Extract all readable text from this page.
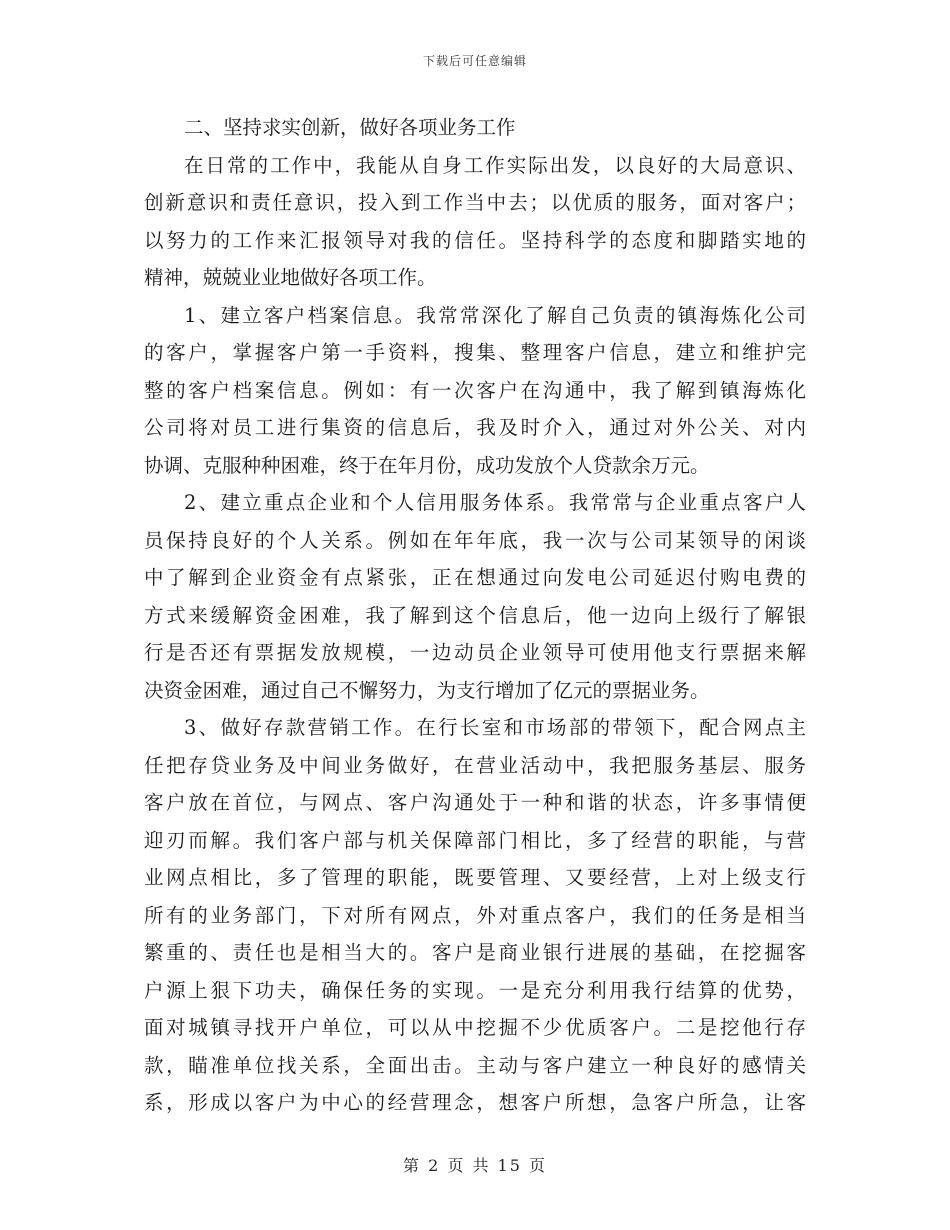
下载后可任意编辑
二、坚持求实创新，做好各项业务工作
在日常的工作中，我能从自身工作实际出发，以良好的大局意识、
创新意识和责任意识，投入到工作当中去；以优质的服务，面对客户；
以努力的工作来汇报领导对我的信任。坚持科学的态度和脚踏实地的
精神，兢兢业业地做好各项工作。
1、建立客户档案信息。我常常深化了解自己负责的镇海炼化公司
的客户，掌握客户第一手资料，搜集、整理客户信息，建立和维护完
整的客户档案信息。例如：有一次客户在沟通中，我了解到镇海炼化
公司将对员工进行集资的信息后，我及时介入，通过对外公关、对内
协调、克服种种困难，终于在年月份，成功发放个人贷款余万元。
2、建立重点企业和个人信用服务体系。我常常与企业重点客户人
员保持良好的个人关系。例如在年年底，我一次与公司某领导的闲谈
中了解到企业资金有点紧张，正在想通过向发电公司延迟付购电费的
方式来缓解资金困难，我了解到这个信息后，他一边向上级行了解银
行是否还有票据发放规模，一边动员企业领导可使用他支行票据来解
决资金困难，通过自己不懈努力，为支行增加了亿元的票据业务。
3、做好存款营销工作。在行长室和市场部的带领下，配合网点主
任把存贷业务及中间业务做好，在营业活动中，我把服务基层、服务
客户放在首位，与网点、客户沟通处于一种和谐的状态，许多事情便
迎刃而解。我们客户部与机关保障部门相比，多了经营的职能，与营
业网点相比，多了管理的职能，既要管理、又要经营，上对上级支行
所有的业务部门，下对所有网点，外对重点客户，我们的任务是相当
繁重的、责任也是相当大的。客户是商业银行进展的基础，在挖掘客
户源上狠下功夫，确保任务的实现。一是充分利用我行结算的优势，
面对城镇寻找开户单位，可以从中挖掘不少优质客户。二是挖他行存
款，瞄准单位找关系，全面出击。主动与客户建立一种良好的感情关
系，形成以客户为中心的经营理念，想客户所想，急客户所急，让客
第 2 页 共 15 页
